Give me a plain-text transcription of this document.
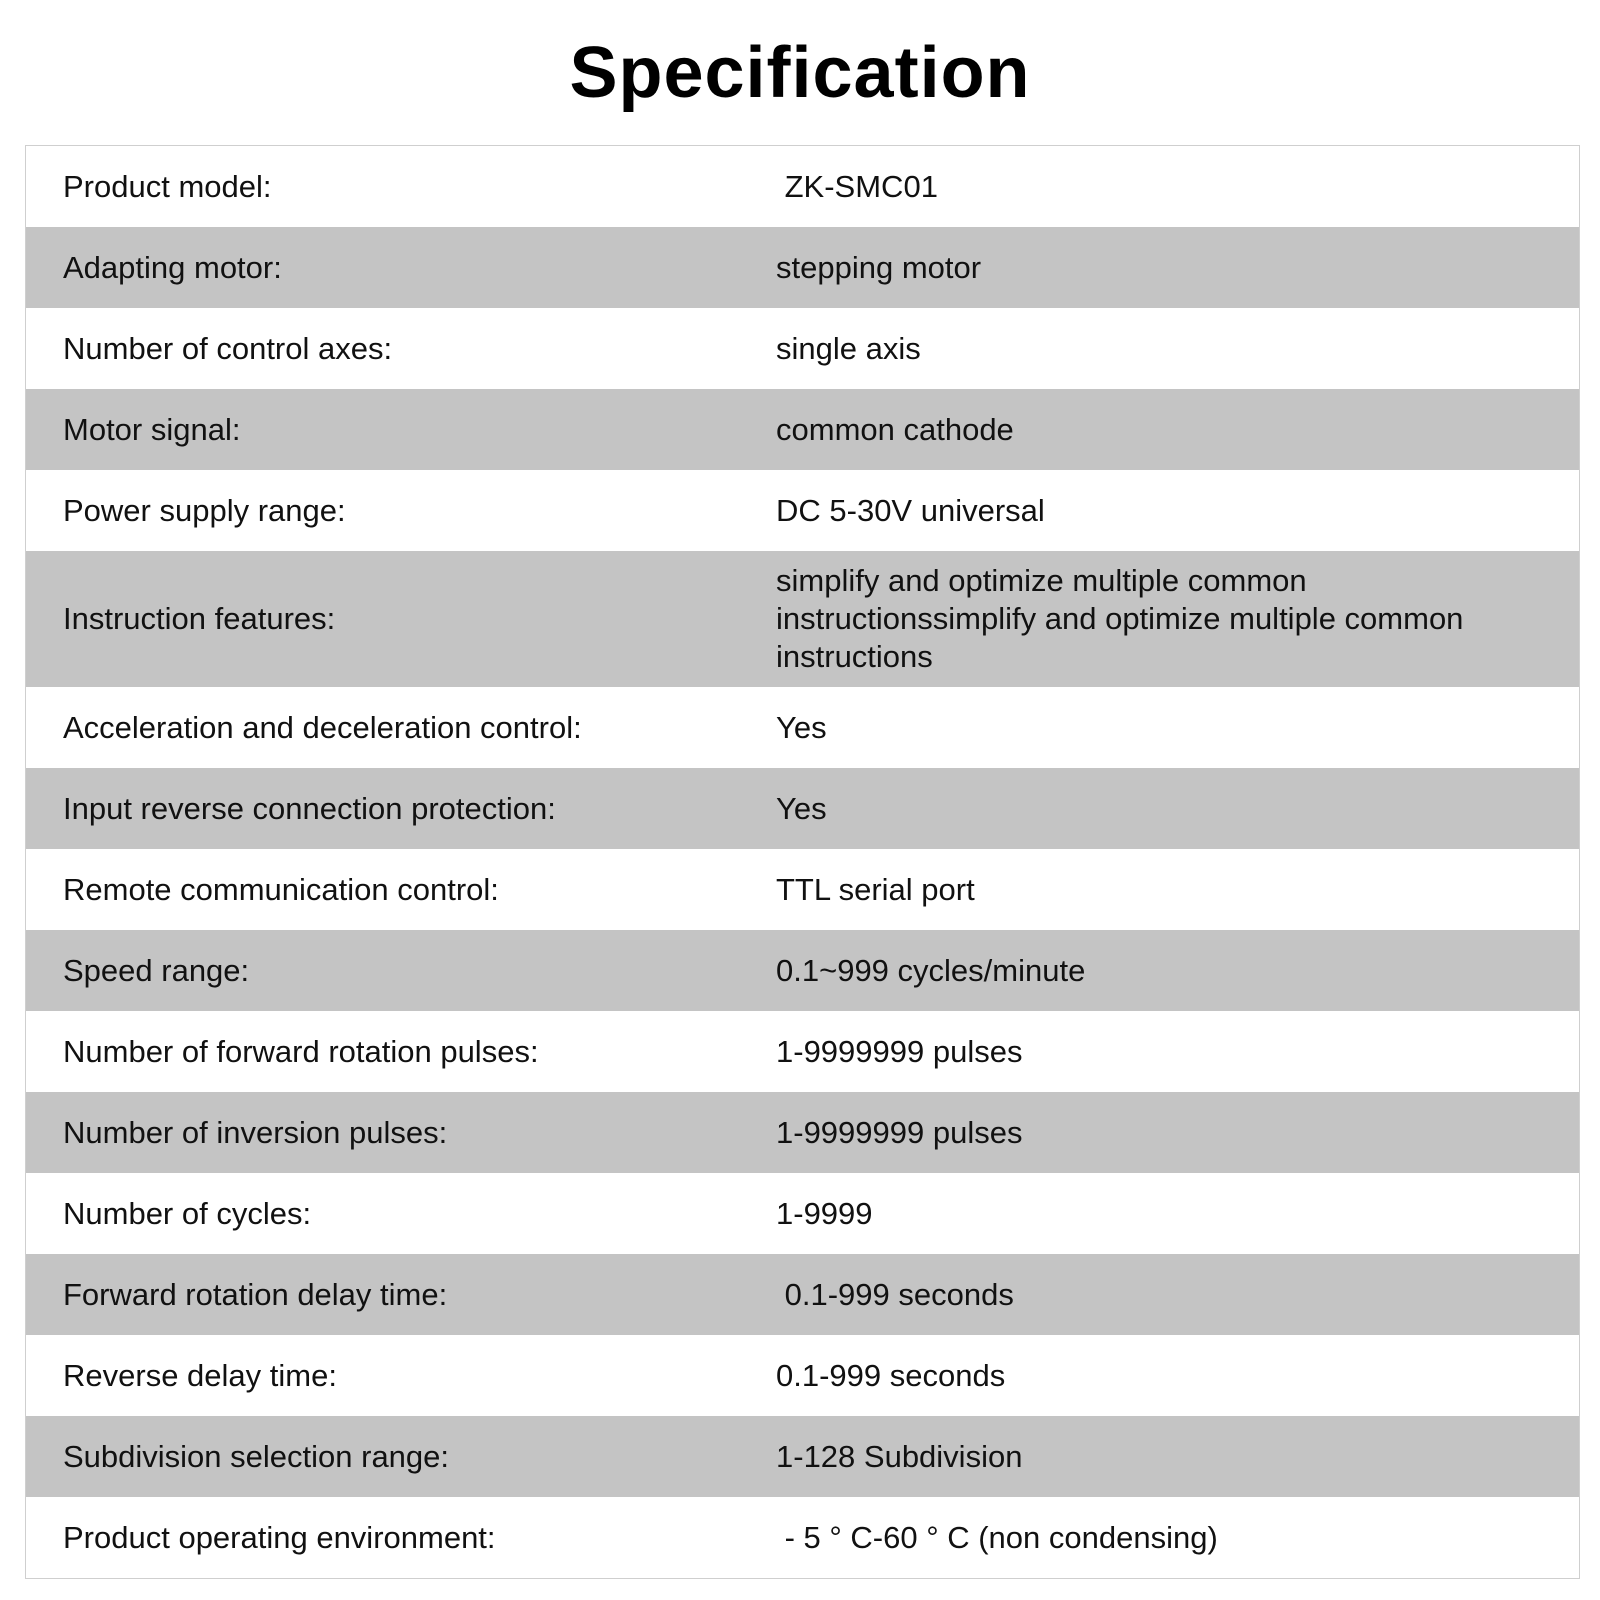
Specification
Product model:	ZK-SMC01
Adapting motor:	stepping motor
Number of control axes:	single axis
Motor signal:	common cathode
Power supply range:	DC 5-30V universal
Instruction features:
simplify and optimize multiple common instructionssimplify and optimize multiple common instructions
Acceleration and deceleration control:	Yes
Input reverse connection protection:	Yes
Remote communication control:	TTL serial port
Speed range:	0.1~999 cycles/minute
Number of forward rotation pulses:	1-9999999 pulses
Number of inversion pulses:	1-9999999 pulses
Number of cycles:	1-9999
Forward rotation delay time:	0.1-999 seconds
Reverse delay time:	0.1-999 seconds
Subdivision selection range:	1-128 Subdivision
Product operating environment:	- 5 ° C-60 ° C (non condensing)
